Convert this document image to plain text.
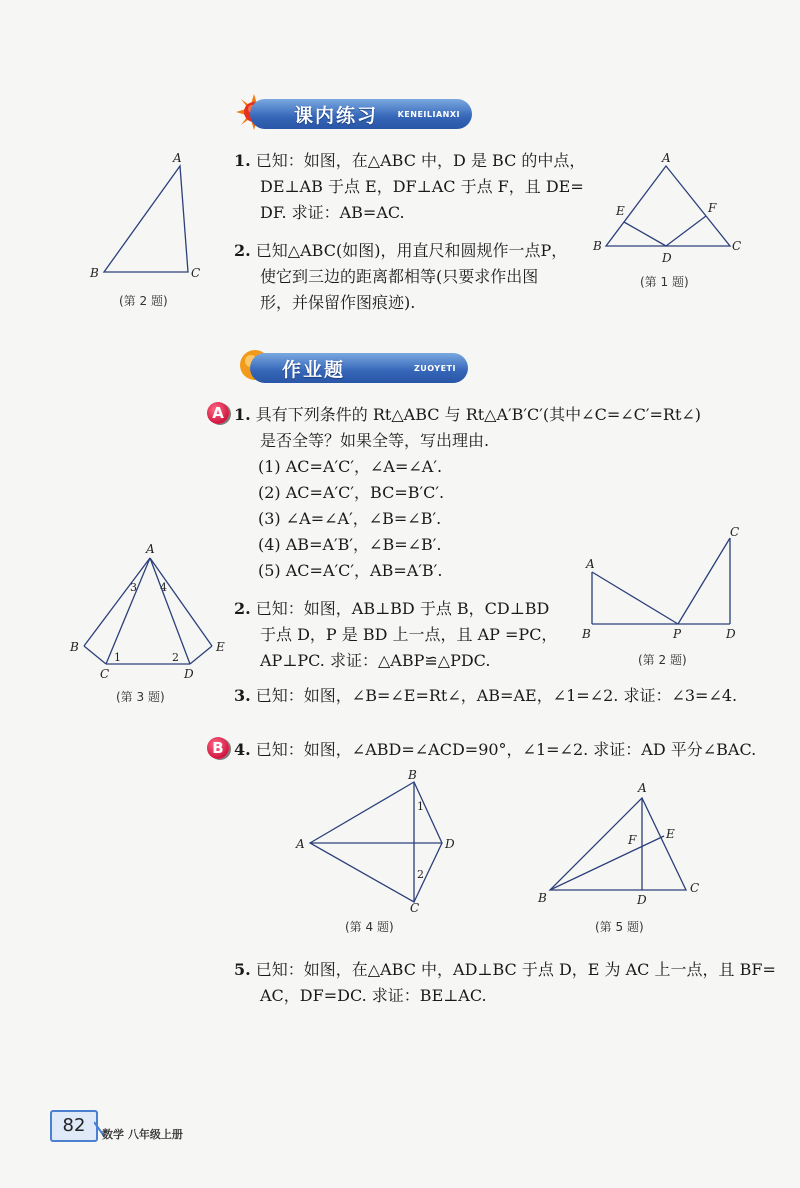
课内练习 KENEILIANXI
A
B	C
(第 2 题)
1. 已知：如图，在△ABC 中，D 是 BC 的中点，
DE⊥AB 于点 E，DF⊥AC 于点 F，且 DE=
DF. 求证：AB=AC.
2. 已知△ABC(如图)，用直尺和圆规作一点P，
使它到三边的距离都相等(只要求作出图
形，并保留作图痕迹).
A
E	F
B
D
C
(第 1 题)
作业题	ZUOYETI
A 1. 具有下列条件的 Rt△ABC 与 Rt△A′B′C′(其中∠C=∠C′=Rt∠)
是否全等？如果全等，写出理由.
(1) AC=A′C′，∠A=∠A′.
(2) AC=A′C′，BC=B′C′.
(3) ∠A=∠A′，∠B=∠B′.
(4) AB=A′B′，∠B=∠B′.
(5) AC=A′C′，AB=A′B′.
A
3 4
B
C
1	2
D
E
(第 3 题)
2. 已知：如图，AB⊥BD 于点 B，CD⊥BD
于点 D，P 是 BD 上一点，且 AP =PC，
AP⊥PC. 求证：△ABP≌△PDC.
A
C
B	P	D
(第 2 题)
3. 已知：如图，∠B=∠E=Rt∠，AB=AE，∠1=∠2. 求证：∠3=∠4.
B 4. 已知：如图，∠ABD=∠ACD=90°，∠1=∠2. 求证：AD 平分∠BAC.
B
1
A	D
2
C
(第 4 题)
A
E
F
B	D
C
(第 5 题)
5. 已知：如图，在△ABC 中，AD⊥BC 于点 D，E 为 AC 上一点，且 BF=
AC，DF=DC. 求证：BE⊥AC.
82	数学 八年级上册
